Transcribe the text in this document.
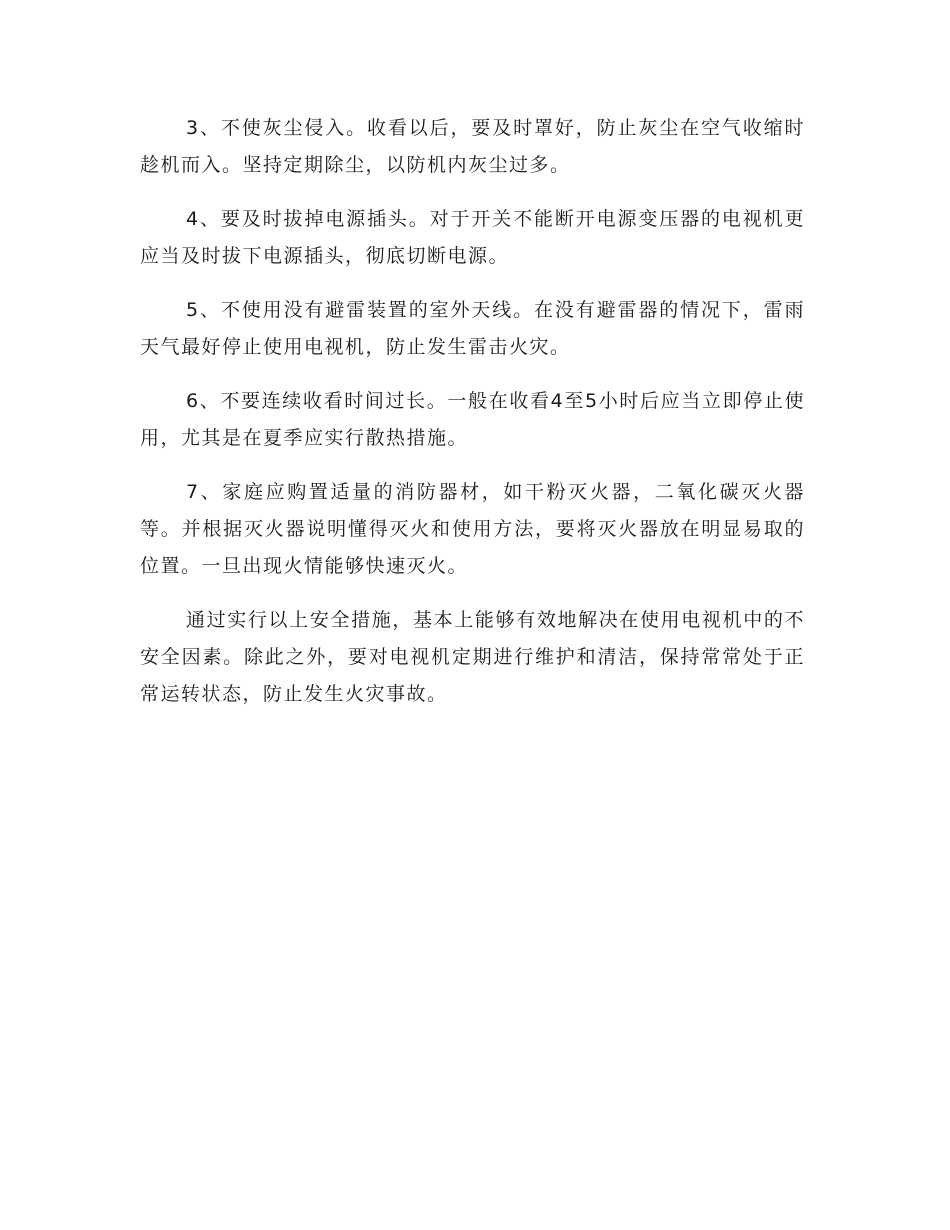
3、不使灰尘侵入。收看以后，要及时罩好，防止灰尘在空气收缩时趁机而入。坚持定期除尘，以防机内灰尘过多。

4、要及时拔掉电源插头。对于开关不能断开电源变压器的电视机更应当及时拔下电源插头，彻底切断电源。

5、不使用没有避雷装置的室外天线。在没有避雷器的情况下，雷雨天气最好停止使用电视机，防止发生雷击火灾。

6、不要连续收看时间过长。一般在收看4至5小时后应当立即停止使用，尤其是在夏季应实行散热措施。

7、家庭应购置适量的消防器材，如干粉灭火器，二氧化碳灭火器等。并根据灭火器说明懂得灭火和使用方法，要将灭火器放在明显易取的位置。一旦出现火情能够快速灭火。

通过实行以上安全措施，基本上能够有效地解决在使用电视机中的不安全因素。除此之外，要对电视机定期进行维护和清洁，保持常常处于正常运转状态，防止发生火灾事故。
